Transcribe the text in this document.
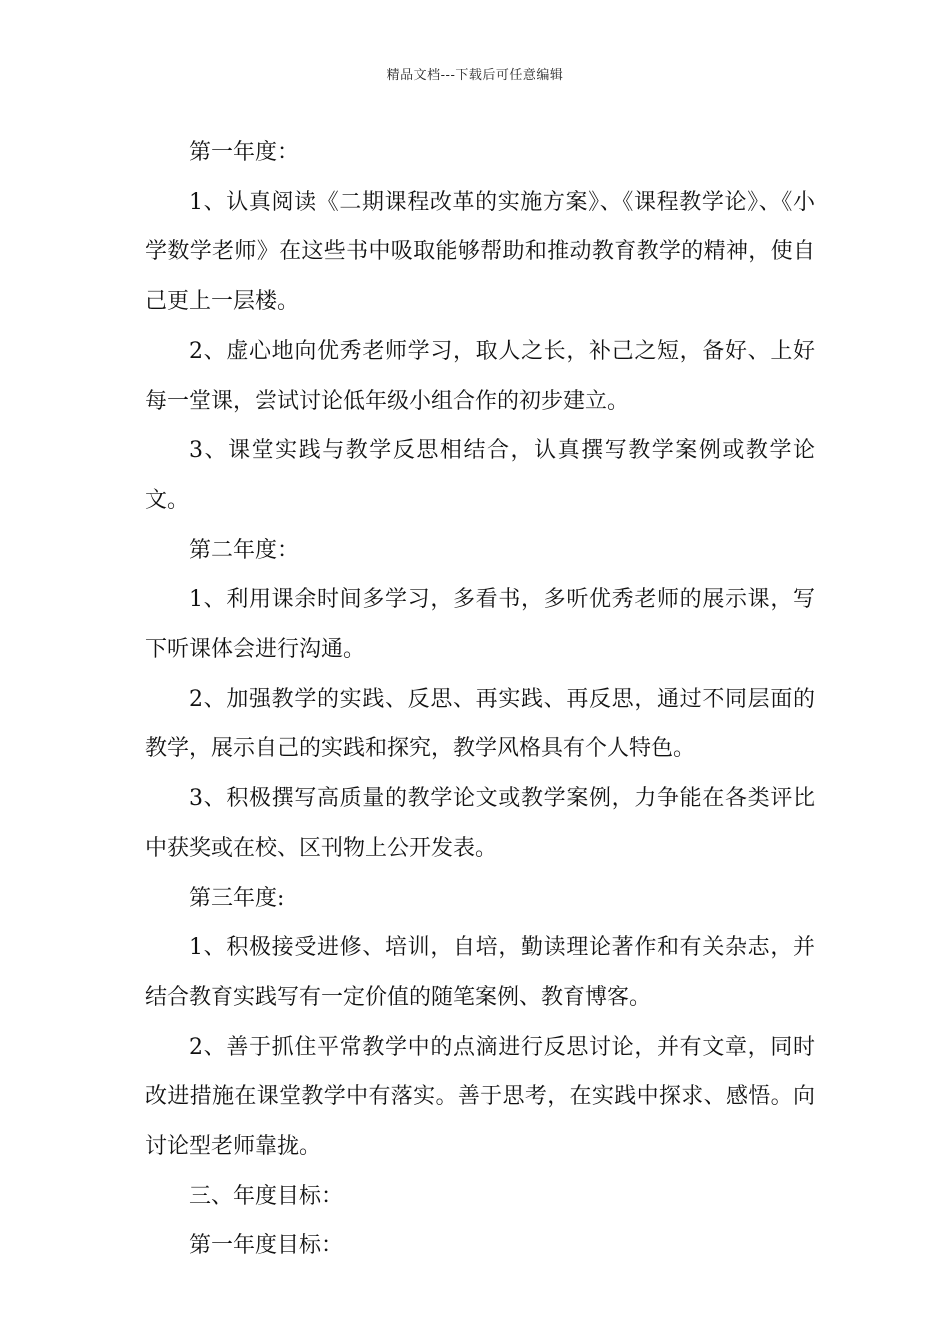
精品文档---下载后可任意编辑

第一年度：

1、认真阅读《二期课程改革的实施方案》、《课程教学论》、《小学数学老师》在这些书中吸取能够帮助和推动教育教学的精神，使自己更上一层楼。

2、虚心地向优秀老师学习，取人之长，补己之短，备好、上好每一堂课，尝试讨论低年级小组合作的初步建立。

3、课堂实践与教学反思相结合，认真撰写教学案例或教学论文。

第二年度：

1、利用课余时间多学习，多看书，多听优秀老师的展示课，写下听课体会进行沟通。

2、加强教学的实践、反思、再实践、再反思，通过不同层面的教学，展示自己的实践和探究，教学风格具有个人特色。

3、积极撰写高质量的教学论文或教学案例，力争能在各类评比中获奖或在校、区刊物上公开发表。

第三年度:

1、积极接受进修、培训，自培，勤读理论著作和有关杂志，并结合教育实践写有一定价值的随笔案例、教育博客。

2、善于抓住平常教学中的点滴进行反思讨论，并有文章，同时改进措施在课堂教学中有落实。善于思考，在实践中探求、感悟。向讨论型老师靠拢。

三、年度目标：

第一年度目标：
